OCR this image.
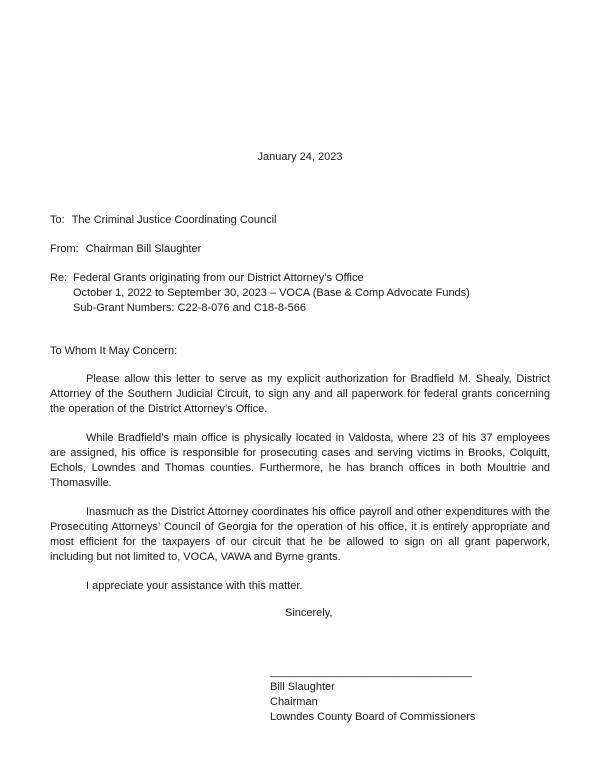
January 24, 2023
To: The Criminal Justice Coordinating Council
From: Chairman Bill Slaughter
Re: Federal Grants originating from our District Attorney’s Office
October 1, 2022 to September 30, 2023 – VOCA (Base & Comp Advocate Funds)
Sub-Grant Numbers: C22-8-076 and C18-8-566
To Whom It May Concern:

Please allow this letter to serve as my explicit authorization for Bradfield M. Shealy, District Attorney of the Southern Judicial Circuit, to sign any and all paperwork for federal grants concerning the operation of the District Attorney’s Office.

While Bradfield’s main office is physically located in Valdosta, where 23 of his 37 employees are assigned, his office is responsible for prosecuting cases and serving victims in Brooks, Colquitt, Echols, Lowndes and Thomas counties. Furthermore, he has branch offices in both Moultrie and Thomasville.

Inasmuch as the District Attorney coordinates his office payroll and other expenditures with the Prosecuting Attorneys’ Council of Georgia for the operation of his office, it is entirely appropriate and most efficient for the taxpayers of our circuit that he be allowed to sign on all grant paperwork, including but not limited to, VOCA, VAWA and Byrne grants.

I appreciate your assistance with this matter.

Sincerely,
_________________________________
Bill Slaughter
Chairman
Lowndes County Board of Commissioners
